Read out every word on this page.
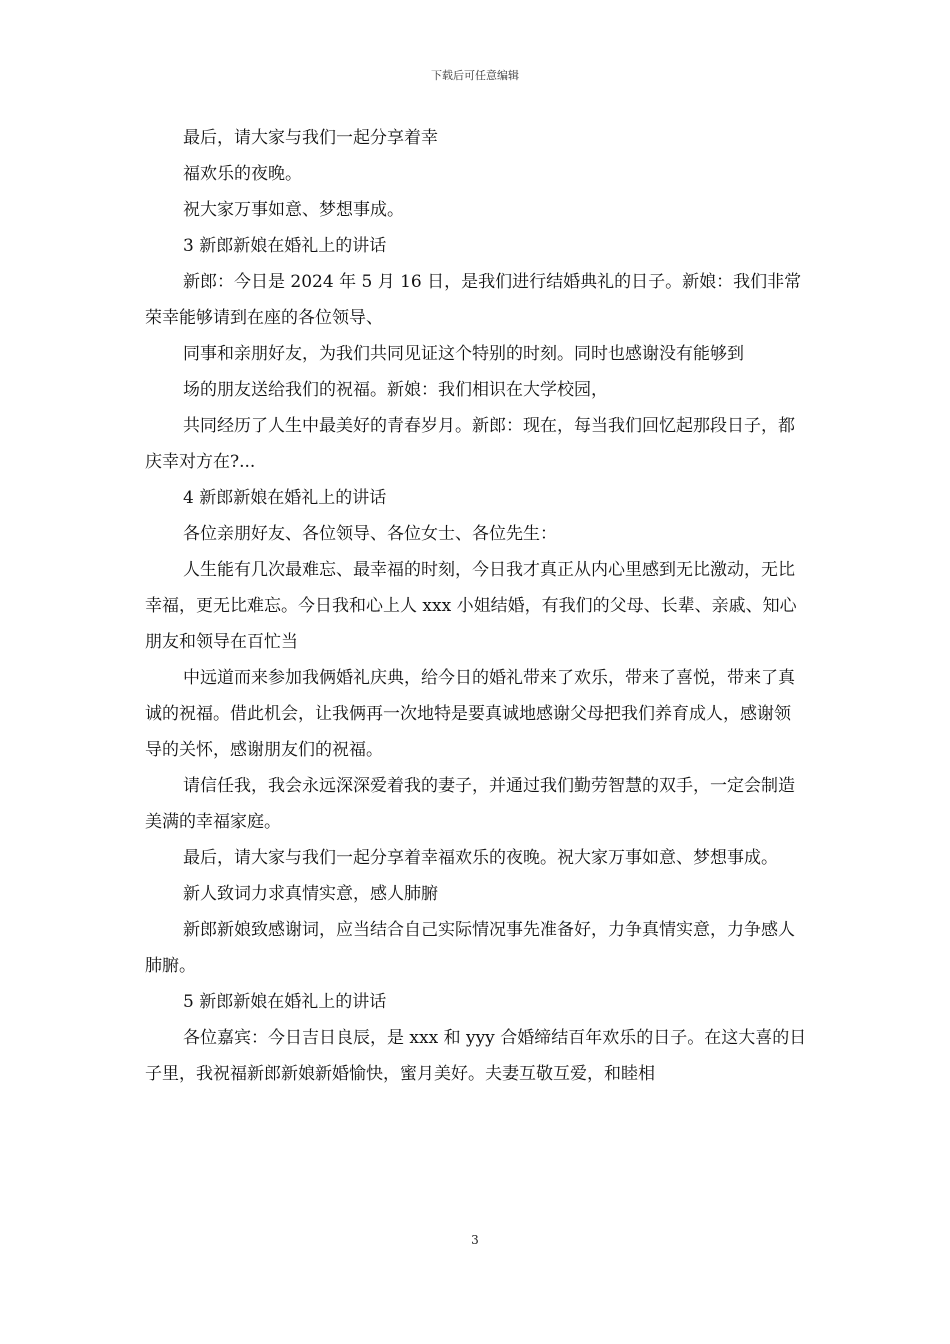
下载后可任意编辑

最后，请大家与我们一起分享着幸

福欢乐的夜晚。

祝大家万事如意、梦想事成。

3 新郎新娘在婚礼上的讲话

新郎：今日是 2024 年 5 月 16 日，是我们进行结婚典礼的日子。新娘：我们非常荣幸能够请到在座的各位领导、

同事和亲朋好友，为我们共同见证这个特别的时刻。同时也感谢没有能够到

场的朋友送给我们的祝福。新娘：我们相识在大学校园，

共同经历了人生中最美好的青春岁月。新郎：现在，每当我们回忆起那段日子，都庆幸对方在?...

4 新郎新娘在婚礼上的讲话

各位亲朋好友、各位领导、各位女士、各位先生：

人生能有几次最难忘、最幸福的时刻，今日我才真正从内心里感到无比激动，无比幸福，更无比难忘。今日我和心上人 xxx 小姐结婚，有我们的父母、长辈、亲戚、知心朋友和领导在百忙当

中远道而来参加我俩婚礼庆典，给今日的婚礼带来了欢乐，带来了喜悦，带来了真诚的祝福。借此机会，让我俩再一次地特是要真诚地感谢父母把我们养育成人，感谢领导的关怀，感谢朋友们的祝福。

请信任我，我会永远深深爱着我的妻子，并通过我们勤劳智慧的双手，一定会制造美满的幸福家庭。

最后，请大家与我们一起分享着幸福欢乐的夜晚。祝大家万事如意、梦想事成。

新人致词力求真情实意，感人肺腑

新郎新娘致感谢词，应当结合自己实际情况事先准备好，力争真情实意，力争感人肺腑。

5 新郎新娘在婚礼上的讲话

各位嘉宾：今日吉日良辰，是 xxx 和 yyy 合婚缔结百年欢乐的日子。在这大喜的日子里，我祝福新郎新娘新婚愉快，蜜月美好。夫妻互敬互爱，和睦相

3
